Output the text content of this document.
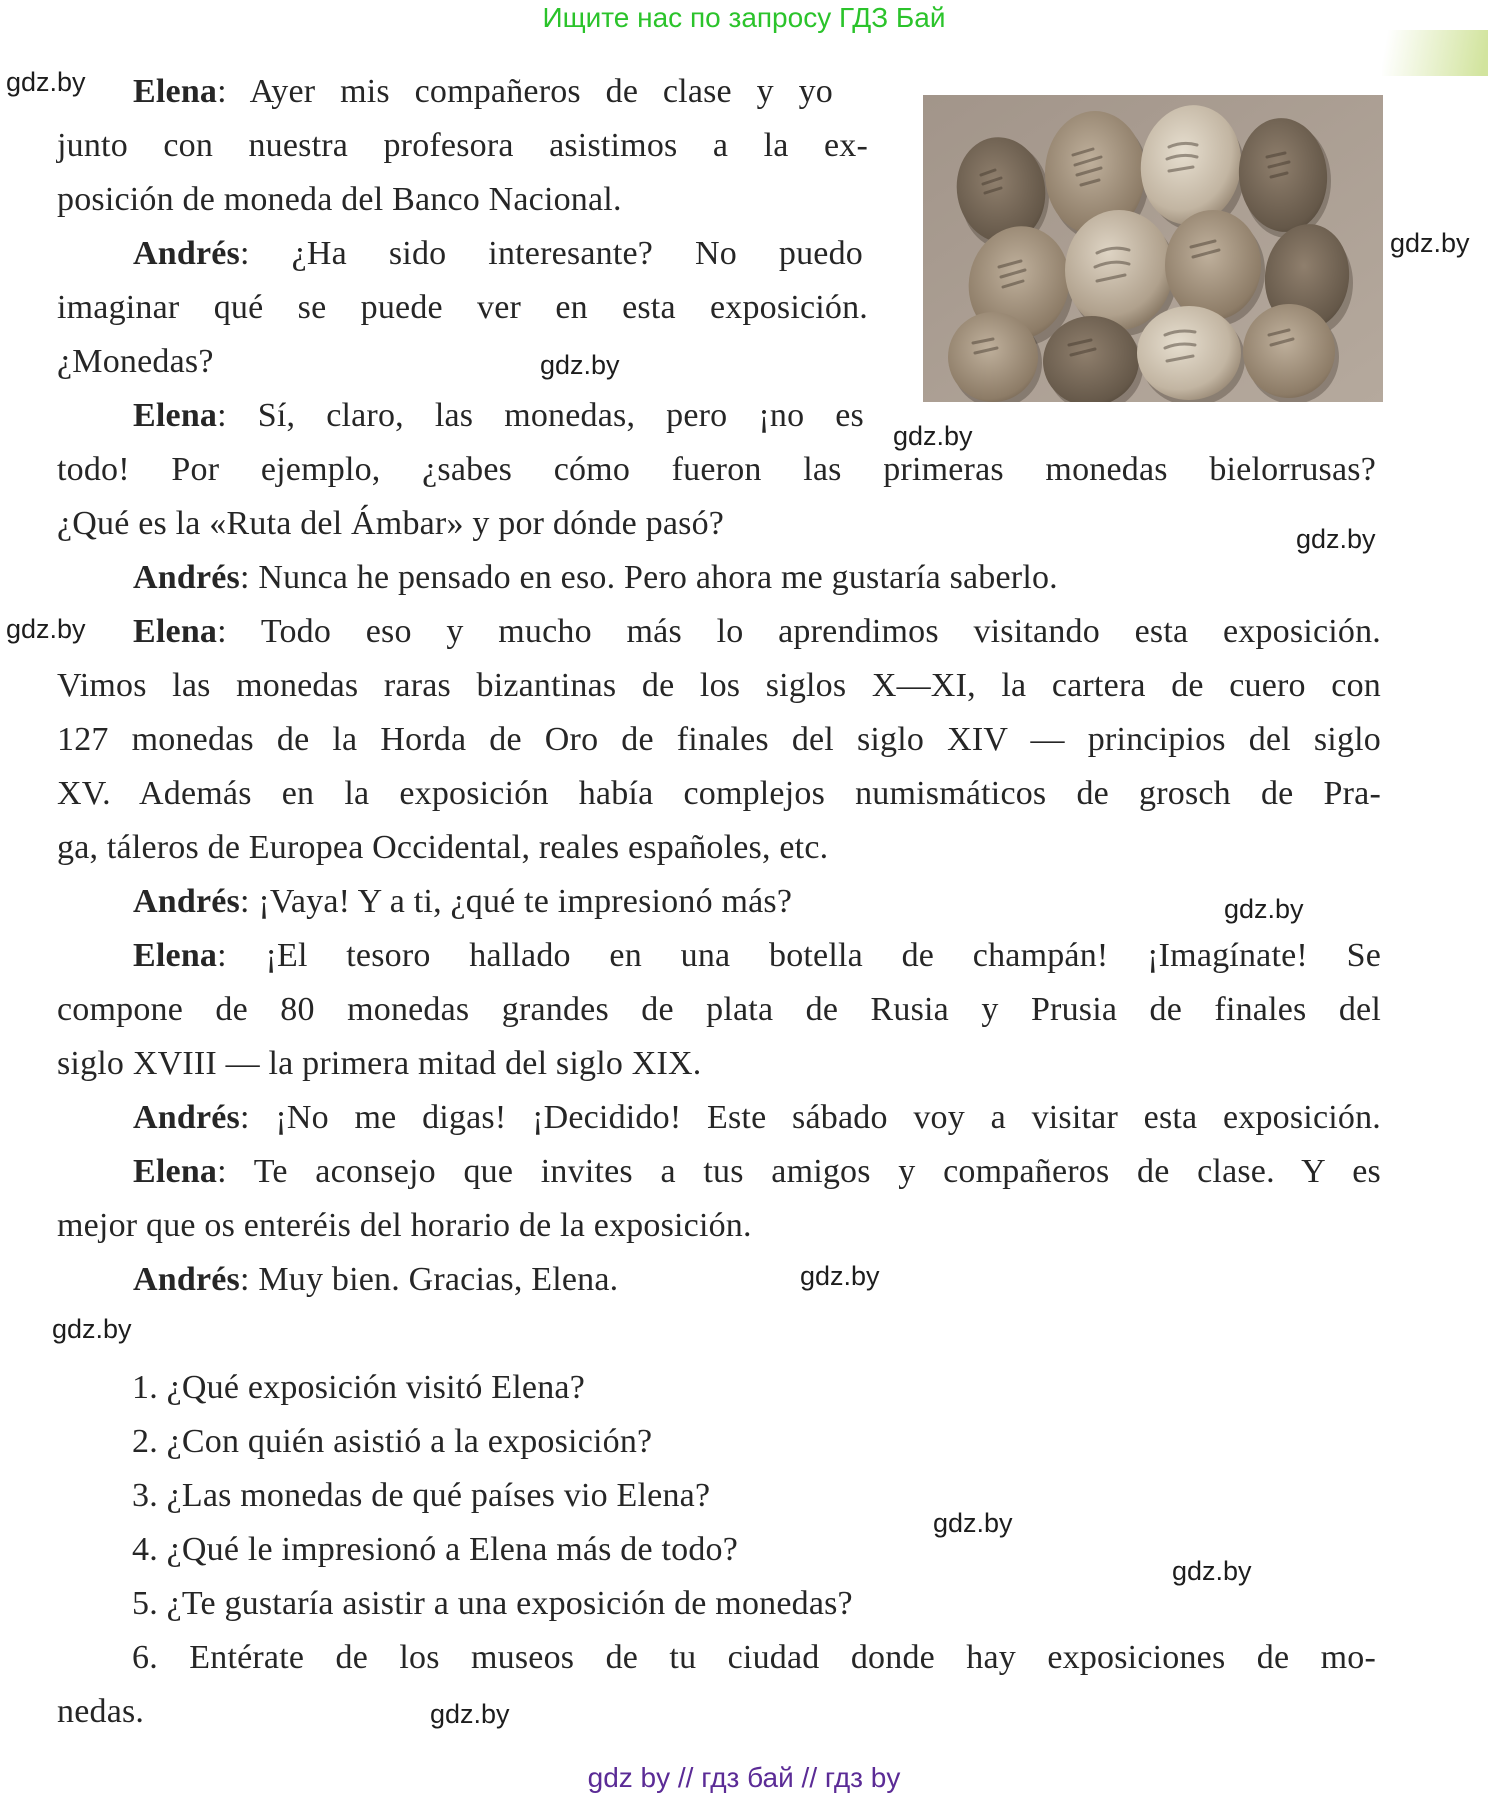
Ищите нас по запросу ГДЗ Бай
Elena: Ayer mis compañeros de clase y yo
junto con nuestra profesora asistimos a la ex-
posición de moneda del Banco Nacional.
Andrés: ¿Ha sido interesante? No puedo
imaginar qué se puede ver en esta exposición.
¿Monedas?
Elena: Sí, claro, las monedas, pero ¡no es
todo! Por ejemplo, ¿sabes cómo fueron las primeras monedas bielorrusas?
¿Qué es la «Ruta del Ámbar» y por dónde pasó?
Andrés: Nunca he pensado en eso. Pero ahora me gustaría saberlo.
Elena: Todo eso y mucho más lo aprendimos visitando esta exposición.
Vimos las monedas raras bizantinas de los siglos X—XI, la cartera de cuero con
127 monedas de la Horda de Oro de finales del siglo XIV — principios del siglo
XV. Además en la exposición había complejos numismáticos de grosch de Pra-
ga, táleros de Europea Occidental, reales españoles, etc.
Andrés: ¡Vaya! Y a ti, ¿qué te impresionó más?
Elena: ¡El tesoro hallado en una botella de champán! ¡Imagínate! Se
compone de 80 monedas grandes de plata de Rusia y Prusia de finales del
siglo XVIII — la primera mitad del siglo XIX.
Andrés: ¡No me digas! ¡Decidido! Este sábado voy a visitar esta exposición.
Elena: Te aconsejo que invites a tus amigos y compañeros de clase. Y es
mejor que os enteréis del horario de la exposición.
Andrés: Muy bien. Gracias, Elena.
1. ¿Qué exposición visitó Elena?
2. ¿Con quién asistió a la exposición?
3. ¿Las monedas de qué países vio Elena?
4. ¿Qué le impresionó a Elena más de todo?
5. ¿Te gustaría asistir a una exposición de monedas?
6. Entérate de los museos de tu ciudad donde hay exposiciones de mo-
nedas.
gdz.by
gdz.by
gdz.by
gdz.by
gdz.by
gdz.by
gdz.by
gdz.by
gdz.by
gdz.by
gdz.by
gdz.by
gdz by // гдз бай // гдз by
